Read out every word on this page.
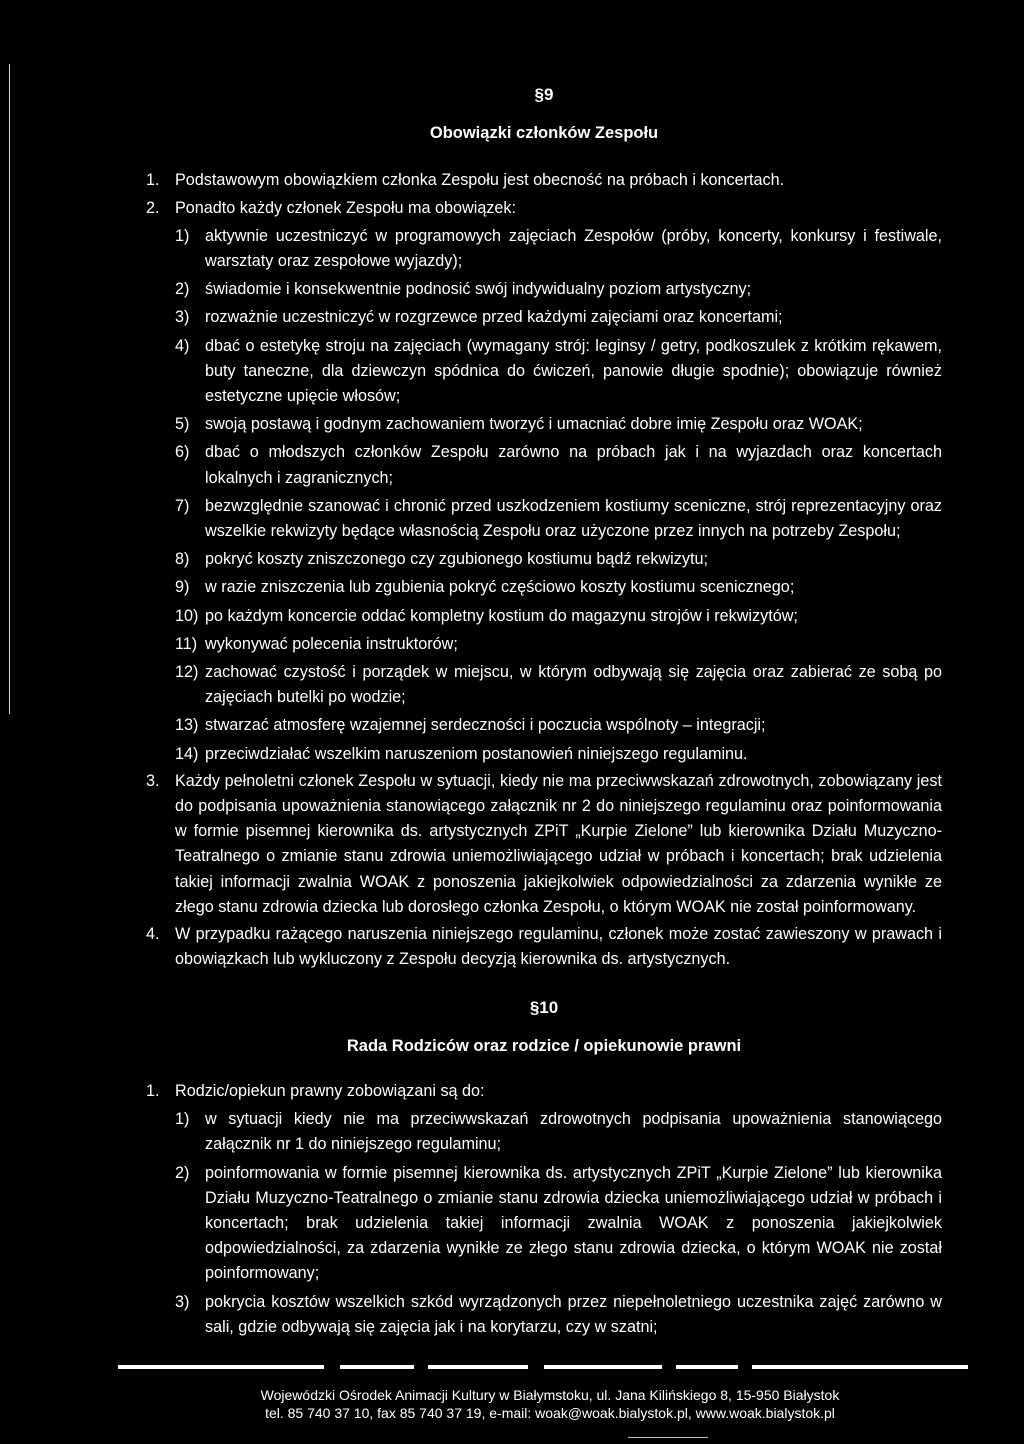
§9

Obowiązki członków Zespołu

1. Podstawowym obowiązkiem członka Zespołu jest obecność na próbach i koncertach.
2. Ponadto każdy członek Zespołu ma obowiązek:
1) aktywnie uczestniczyć w programowych zajęciach Zespołów (próby, koncerty, konkursy i festiwale, warsztaty oraz zespołowe wyjazdy);
2) świadomie i konsekwentnie podnosić swój indywidualny poziom artystyczny;
3) rozważnie uczestniczyć w rozgrzewce przed każdymi zajęciami oraz koncertami;
4) dbać o estetykę stroju na zajęciach (wymagany strój: leginsy / getry, podkoszulek z krótkim rękawem, buty taneczne, dla dziewczyn spódnica do ćwiczeń, panowie długie spodnie); obowiązuje również estetyczne upięcie włosów;
5) swoją postawą i godnym zachowaniem tworzyć i umacniać dobre imię Zespołu oraz WOAK;
6) dbać o młodszych członków Zespołu zarówno na próbach jak i na wyjazdach oraz koncertach lokalnych i zagranicznych;
7) bezwzględnie szanować i chronić przed uszkodzeniem kostiumy sceniczne, strój reprezentacyjny oraz wszelkie rekwizyty będące własnością Zespołu oraz użyczone przez innych na potrzeby Zespołu;
8) pokryć koszty zniszczonego czy zgubionego kostiumu bądź rekwizytu;
9) w razie zniszczenia lub zgubienia pokryć częściowo koszty kostiumu scenicznego;
10) po każdym koncercie oddać kompletny kostium do magazynu strojów i rekwizytów;
11) wykonywać polecenia instruktorów;
12) zachować czystość i porządek w miejscu, w którym odbywają się zajęcia oraz zabierać ze sobą po zajęciach butelki po wodzie;
13) stwarzać atmosferę wzajemnej serdeczności i poczucia wspólnoty – integracji;
14) przeciwdziałać wszelkim naruszeniom postanowień niniejszego regulaminu.
3. Każdy pełnoletni członek Zespołu w sytuacji, kiedy nie ma przeciwwskazań zdrowotnych, zobowiązany jest do podpisania upoważnienia stanowiącego załącznik nr 2 do niniejszego regulaminu oraz poinformowania w formie pisemnej kierownika ds. artystycznych ZPiT „Kurpie Zielone” lub kierownika Działu Muzyczno-Teatralnego o zmianie stanu zdrowia uniemożliwiającego udział w próbach i koncertach; brak udzielenia takiej informacji zwalnia WOAK z ponoszenia jakiejkolwiek odpowiedzialności za zdarzenia wynikłe ze złego stanu zdrowia dziecka lub dorosłego członka Zespołu, o którym WOAK nie został poinformowany.
4. W przypadku rażącego naruszenia niniejszego regulaminu, członek może zostać zawieszony w prawach i obowiązkach lub wykluczony z Zespołu decyzją kierownika ds. artystycznych.

§10

Rada Rodziców oraz rodzice / opiekunowie prawni

1. Rodzic/opiekun prawny zobowiązani są do:
1) w sytuacji kiedy nie ma przeciwwskazań zdrowotnych podpisania upoważnienia stanowiącego załącznik nr 1 do niniejszego regulaminu;
2) poinformowania w formie pisemnej kierownika ds. artystycznych ZPiT „Kurpie Zielone” lub kierownika Działu Muzyczno-Teatralnego o zmianie stanu zdrowia dziecka uniemożliwiającego udział w próbach i koncertach; brak udzielenia takiej informacji zwalnia WOAK z ponoszenia jakiejkolwiek odpowiedzialności, za zdarzenia wynikłe ze złego stanu zdrowia dziecka, o którym WOAK nie został poinformowany;
3) pokrycia kosztów wszelkich szkód wyrządzonych przez niepełnoletniego uczestnika zajęć zarówno w sali, gdzie odbywają się zajęcia jak i na korytarzu, czy w szatni;
Wojewódzki Ośrodek Animacji Kultury w Białymstoku, ul. Jana Kilińskiego 8, 15-950 Białystok
tel. 85 740 37 10, fax 85 740 37 19, e-mail: woak@woak.bialystok.pl, www.woak.bialystok.pl
